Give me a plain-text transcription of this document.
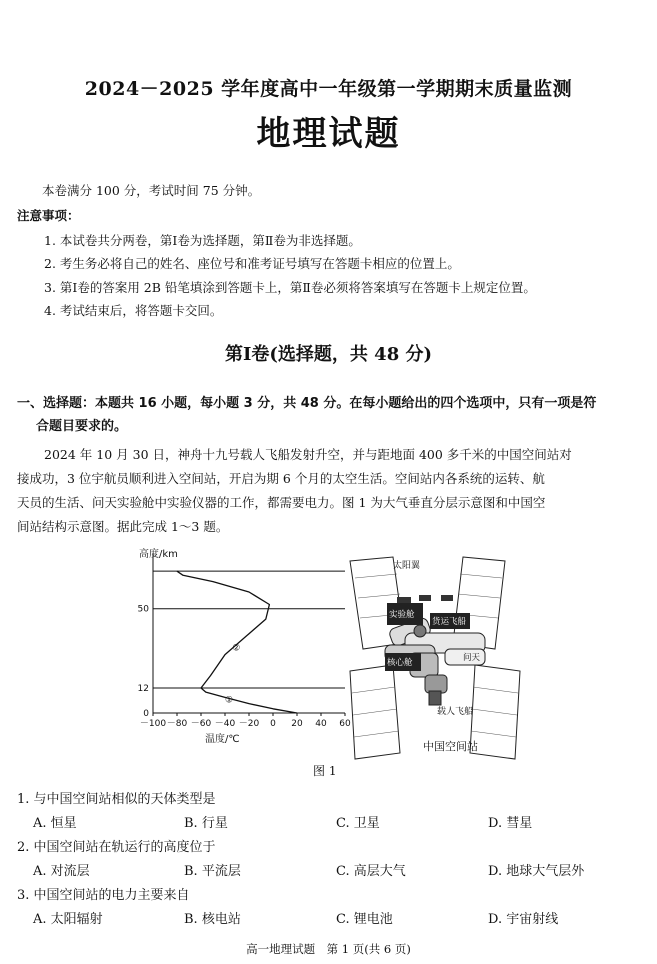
2024－2025 学年度高中一年级第一学期期末质量监测
地理试题
本卷满分 100 分，考试时间 75 分钟。
注意事项：
1. 本试卷共分两卷，第Ⅰ卷为选择题，第Ⅱ卷为非选择题。
2. 考生务必将自己的姓名、座位号和准考证号填写在答题卡相应的位置上。
3. 第Ⅰ卷的答案用 2B 铅笔填涂到答题卡上，第Ⅱ卷必须将答案填写在答题卡上规定位置。
4. 考试结束后，将答题卡交回。
第Ⅰ卷(选择题，共 48 分)
一、选择题：本题共 16 小题，每小题 3 分，共 48 分。在每小题给出的四个选项中，只有一项是符
合题目要求的。
2024 年 10 月 30 日，神舟十九号载人飞船发射升空，并与距地面 400 多千米的中国空间站对
接成功，3 位宇航员顺利进入空间站，开启为期 6 个月的太空生活。空间站内各系统的运转、航
天员的生活、问天实验舱中实验仪器的工作，都需要电力。图 1 为大气垂直分层示意图和中国空
间站结构示意图。据此完成 1～3 题。
－100 －80 －60 －40 －20 0 20 40 60
0
12
50
高度/km
温度/℃
①
②
太阳翼
货运飞船
实验舱
核心舱	问天
载人飞船
中国空间站
图 1
1. 与中国空间站相似的天体类型是
A. 恒星	B. 行星	C. 卫星	D. 彗星
2. 中国空间站在轨运行的高度位于
A. 对流层	B. 平流层	C. 高层大气	D. 地球大气层外
3. 中国空间站的电力主要来自
A. 太阳辐射	B. 核电站	C. 锂电池	D. 宇宙射线
高一地理试题　第 1 页(共 6 页)
